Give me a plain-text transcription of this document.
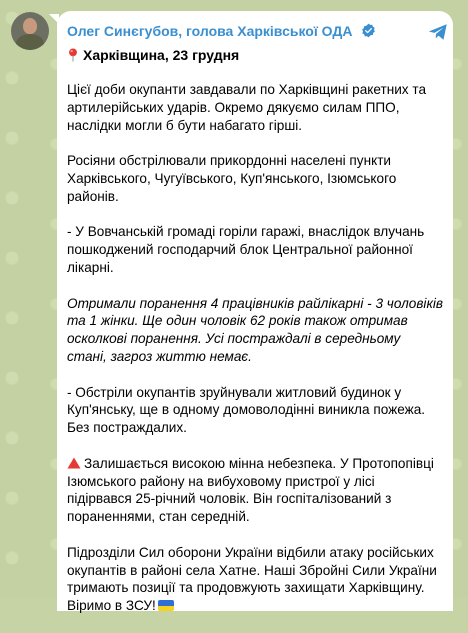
Олег Синєгубов, голова Харківської ОДА
Харківщина, 23 грудня

Цієї доби окупанти завдавали по Харківщині ракетних та артилерійських ударів. Окремо дякуємо силам ППО, наслідки могли б бути набагато гірші.

Росіяни обстрілювали прикордонні населені пункти Харківського, Чугуївського, Куп'янського, Ізюмського районів.

- У Вовчанській громаді горіли гаражі, внаслідок влучань пошкоджений господарчий блок Центральної районної лікарні.

Отримали поранення 4 працівників райлікарні - 3 чоловіків та 1 жінки. Ще один чоловік 62 років також отримав осколкові поранення. Усі постраждалі в середньому стані, загроз життю немає.

- Обстріли окупантів зруйнували житловий будинок у Куп'янську, ще в одному домоволодінні виникла пожежа. Без постраждалих.

Залишається високою мінна небезпека. У Протопопівці Ізюмського району на вибуховому пристрої у лісі підірвався 25-річний чоловік. Він госпіталізований з пораненнями, стан середній.

Підрозділи Сил оборони України відбили атаку російських окупантів в районі села Хатне. Наші Збройні Сили України тримають позиції та продовжують захищати Харківщину. Віримо в ЗСУ!
